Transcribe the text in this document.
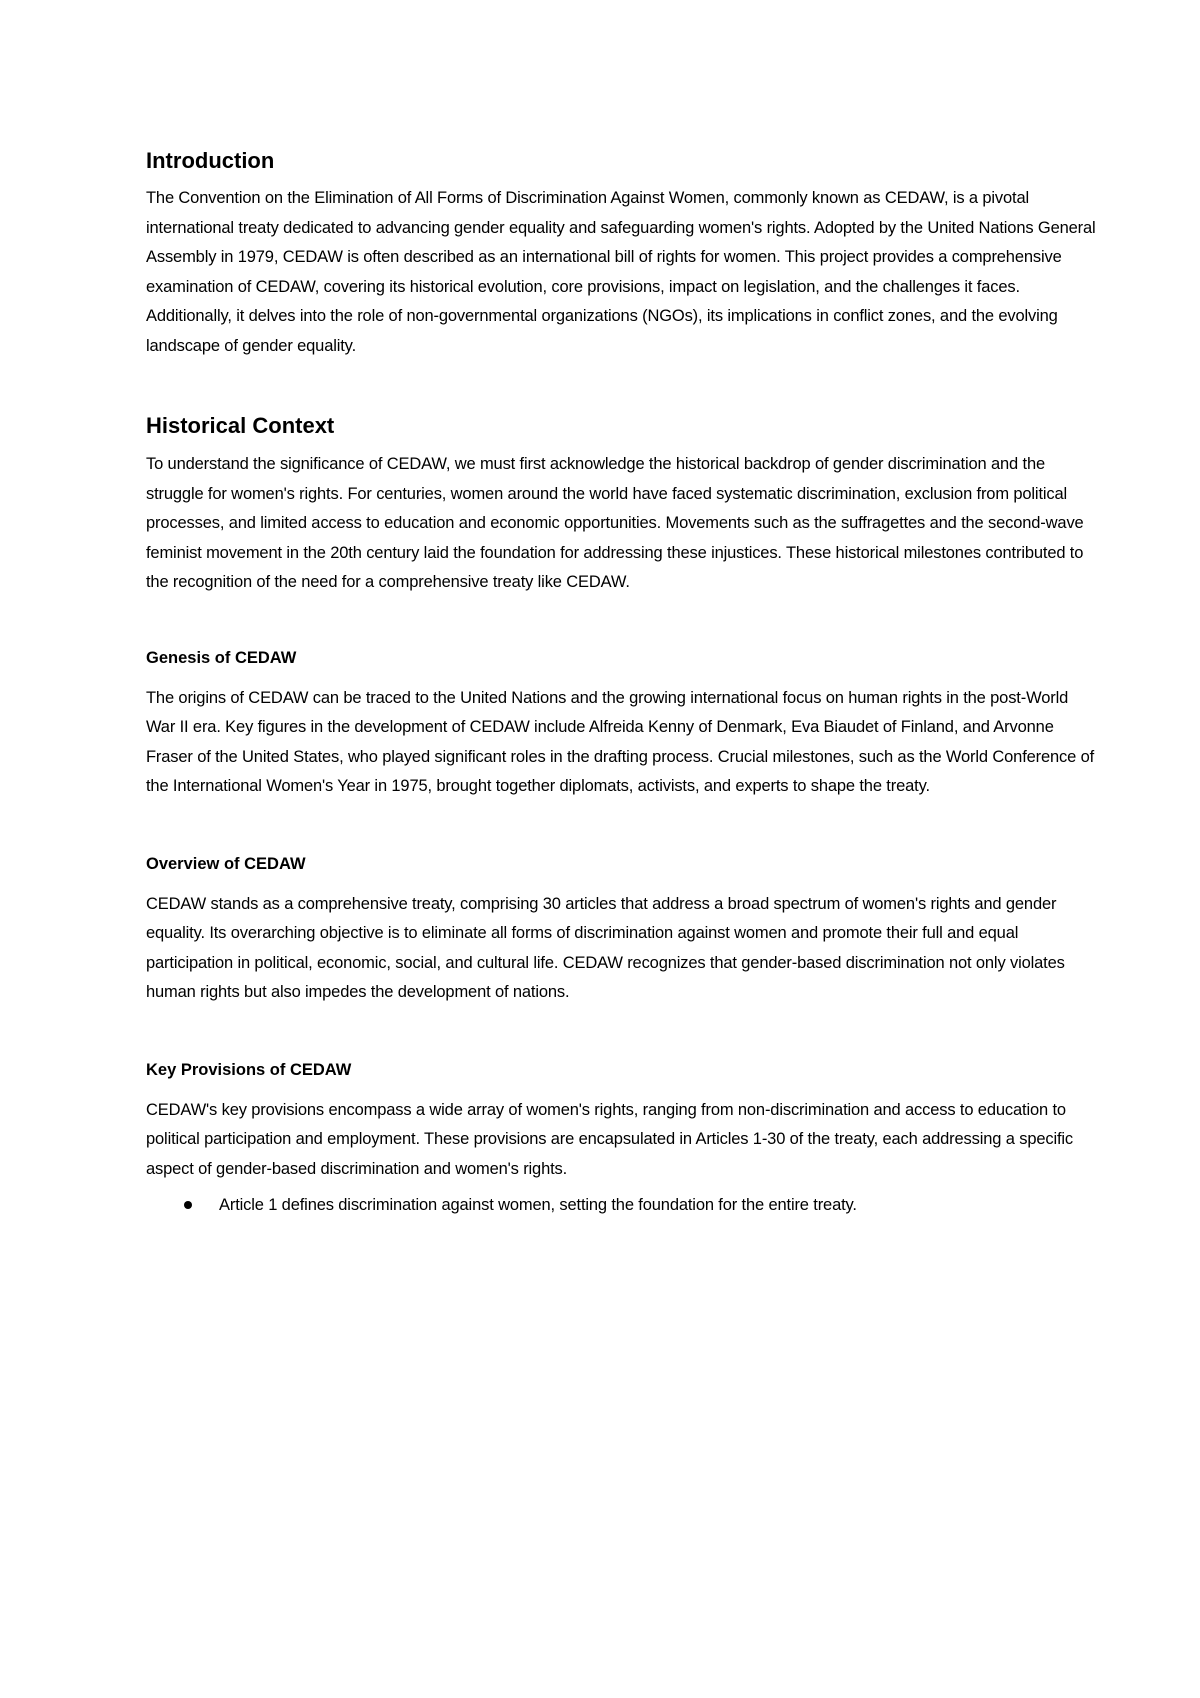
Introduction

The Convention on the Elimination of All Forms of Discrimination Against Women, commonly known as CEDAW, is a pivotal international treaty dedicated to advancing gender equality and safeguarding women's rights. Adopted by the United Nations General Assembly in 1979, CEDAW is often described as an international bill of rights for women. This project provides a comprehensive examination of CEDAW, covering its historical evolution, core provisions, impact on legislation, and the challenges it faces. Additionally, it delves into the role of non-governmental organizations (NGOs), its implications in conflict zones, and the evolving landscape of gender equality.

Historical Context

To understand the significance of CEDAW, we must first acknowledge the historical backdrop of gender discrimination and the struggle for women's rights. For centuries, women around the world have faced systematic discrimination, exclusion from political processes, and limited access to education and economic opportunities. Movements such as the suffragettes and the second-wave feminist movement in the 20th century laid the foundation for addressing these injustices. These historical milestones contributed to the recognition of the need for a comprehensive treaty like CEDAW.

Genesis of CEDAW

The origins of CEDAW can be traced to the United Nations and the growing international focus on human rights in the post-World War II era. Key figures in the development of CEDAW include Alfreida Kenny of Denmark, Eva Biaudet of Finland, and Arvonne Fraser of the United States, who played significant roles in the drafting process. Crucial milestones, such as the World Conference of the International Women's Year in 1975, brought together diplomats, activists, and experts to shape the treaty.

Overview of CEDAW

CEDAW stands as a comprehensive treaty, comprising 30 articles that address a broad spectrum of women's rights and gender equality. Its overarching objective is to eliminate all forms of discrimination against women and promote their full and equal participation in political, economic, social, and cultural life. CEDAW recognizes that gender-based discrimination not only violates human rights but also impedes the development of nations.

Key Provisions of CEDAW

CEDAW's key provisions encompass a wide array of women's rights, ranging from non-discrimination and access to education to political participation and employment. These provisions are encapsulated in Articles 1-30 of the treaty, each addressing a specific aspect of gender-based discrimination and women's rights.

Article 1 defines discrimination against women, setting the foundation for the entire treaty.
